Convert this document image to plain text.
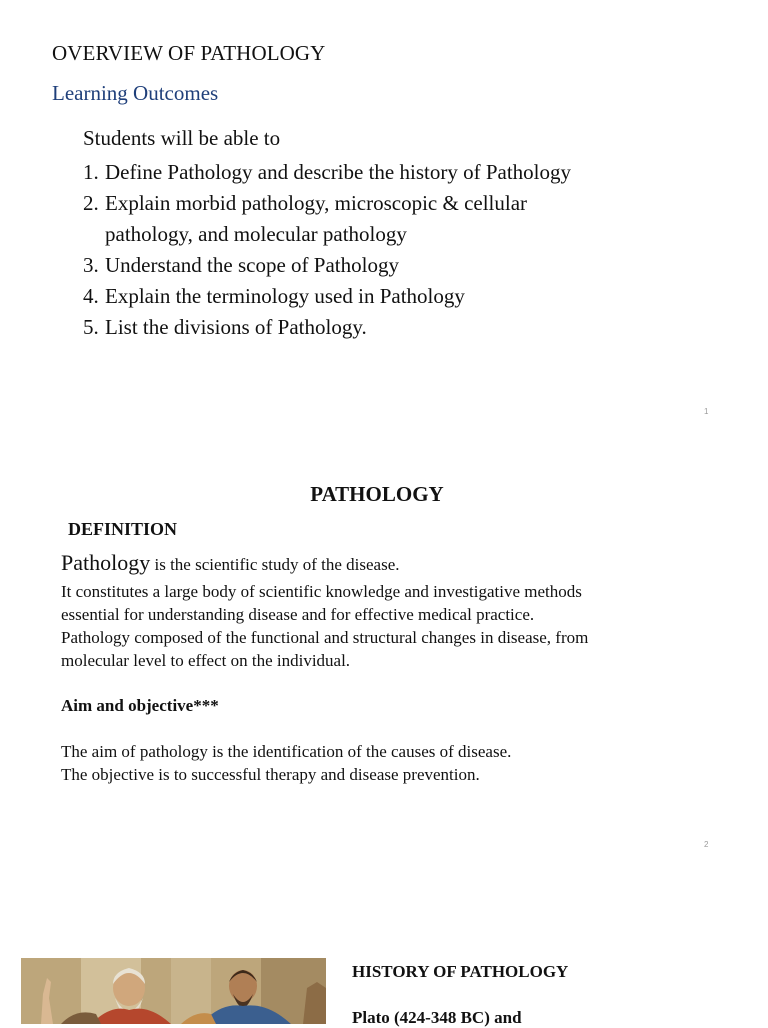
OVERVIEW OF PATHOLOGY
Learning Outcomes
Students will be able to
1. Define Pathology and describe the history of Pathology
2. Explain morbid pathology, microscopic & cellular pathology, and molecular pathology
3. Understand the scope of Pathology
4. Explain the terminology used in Pathology
5. List the divisions of Pathology.
1
PATHOLOGY
DEFINITION
Pathology is the scientific study of the disease.
It constitutes a large body of scientific knowledge and investigative methods
essential for understanding disease and for effective medical practice.
Pathology composed of the functional and structural changes in disease, from
molecular level to effect on the individual.
Aim and objective***
The aim of pathology is the identification of the causes of disease.
The objective is to successful therapy and disease prevention.
2
HISTORY OF PATHOLOGY
Plato (424-348 BC) and
